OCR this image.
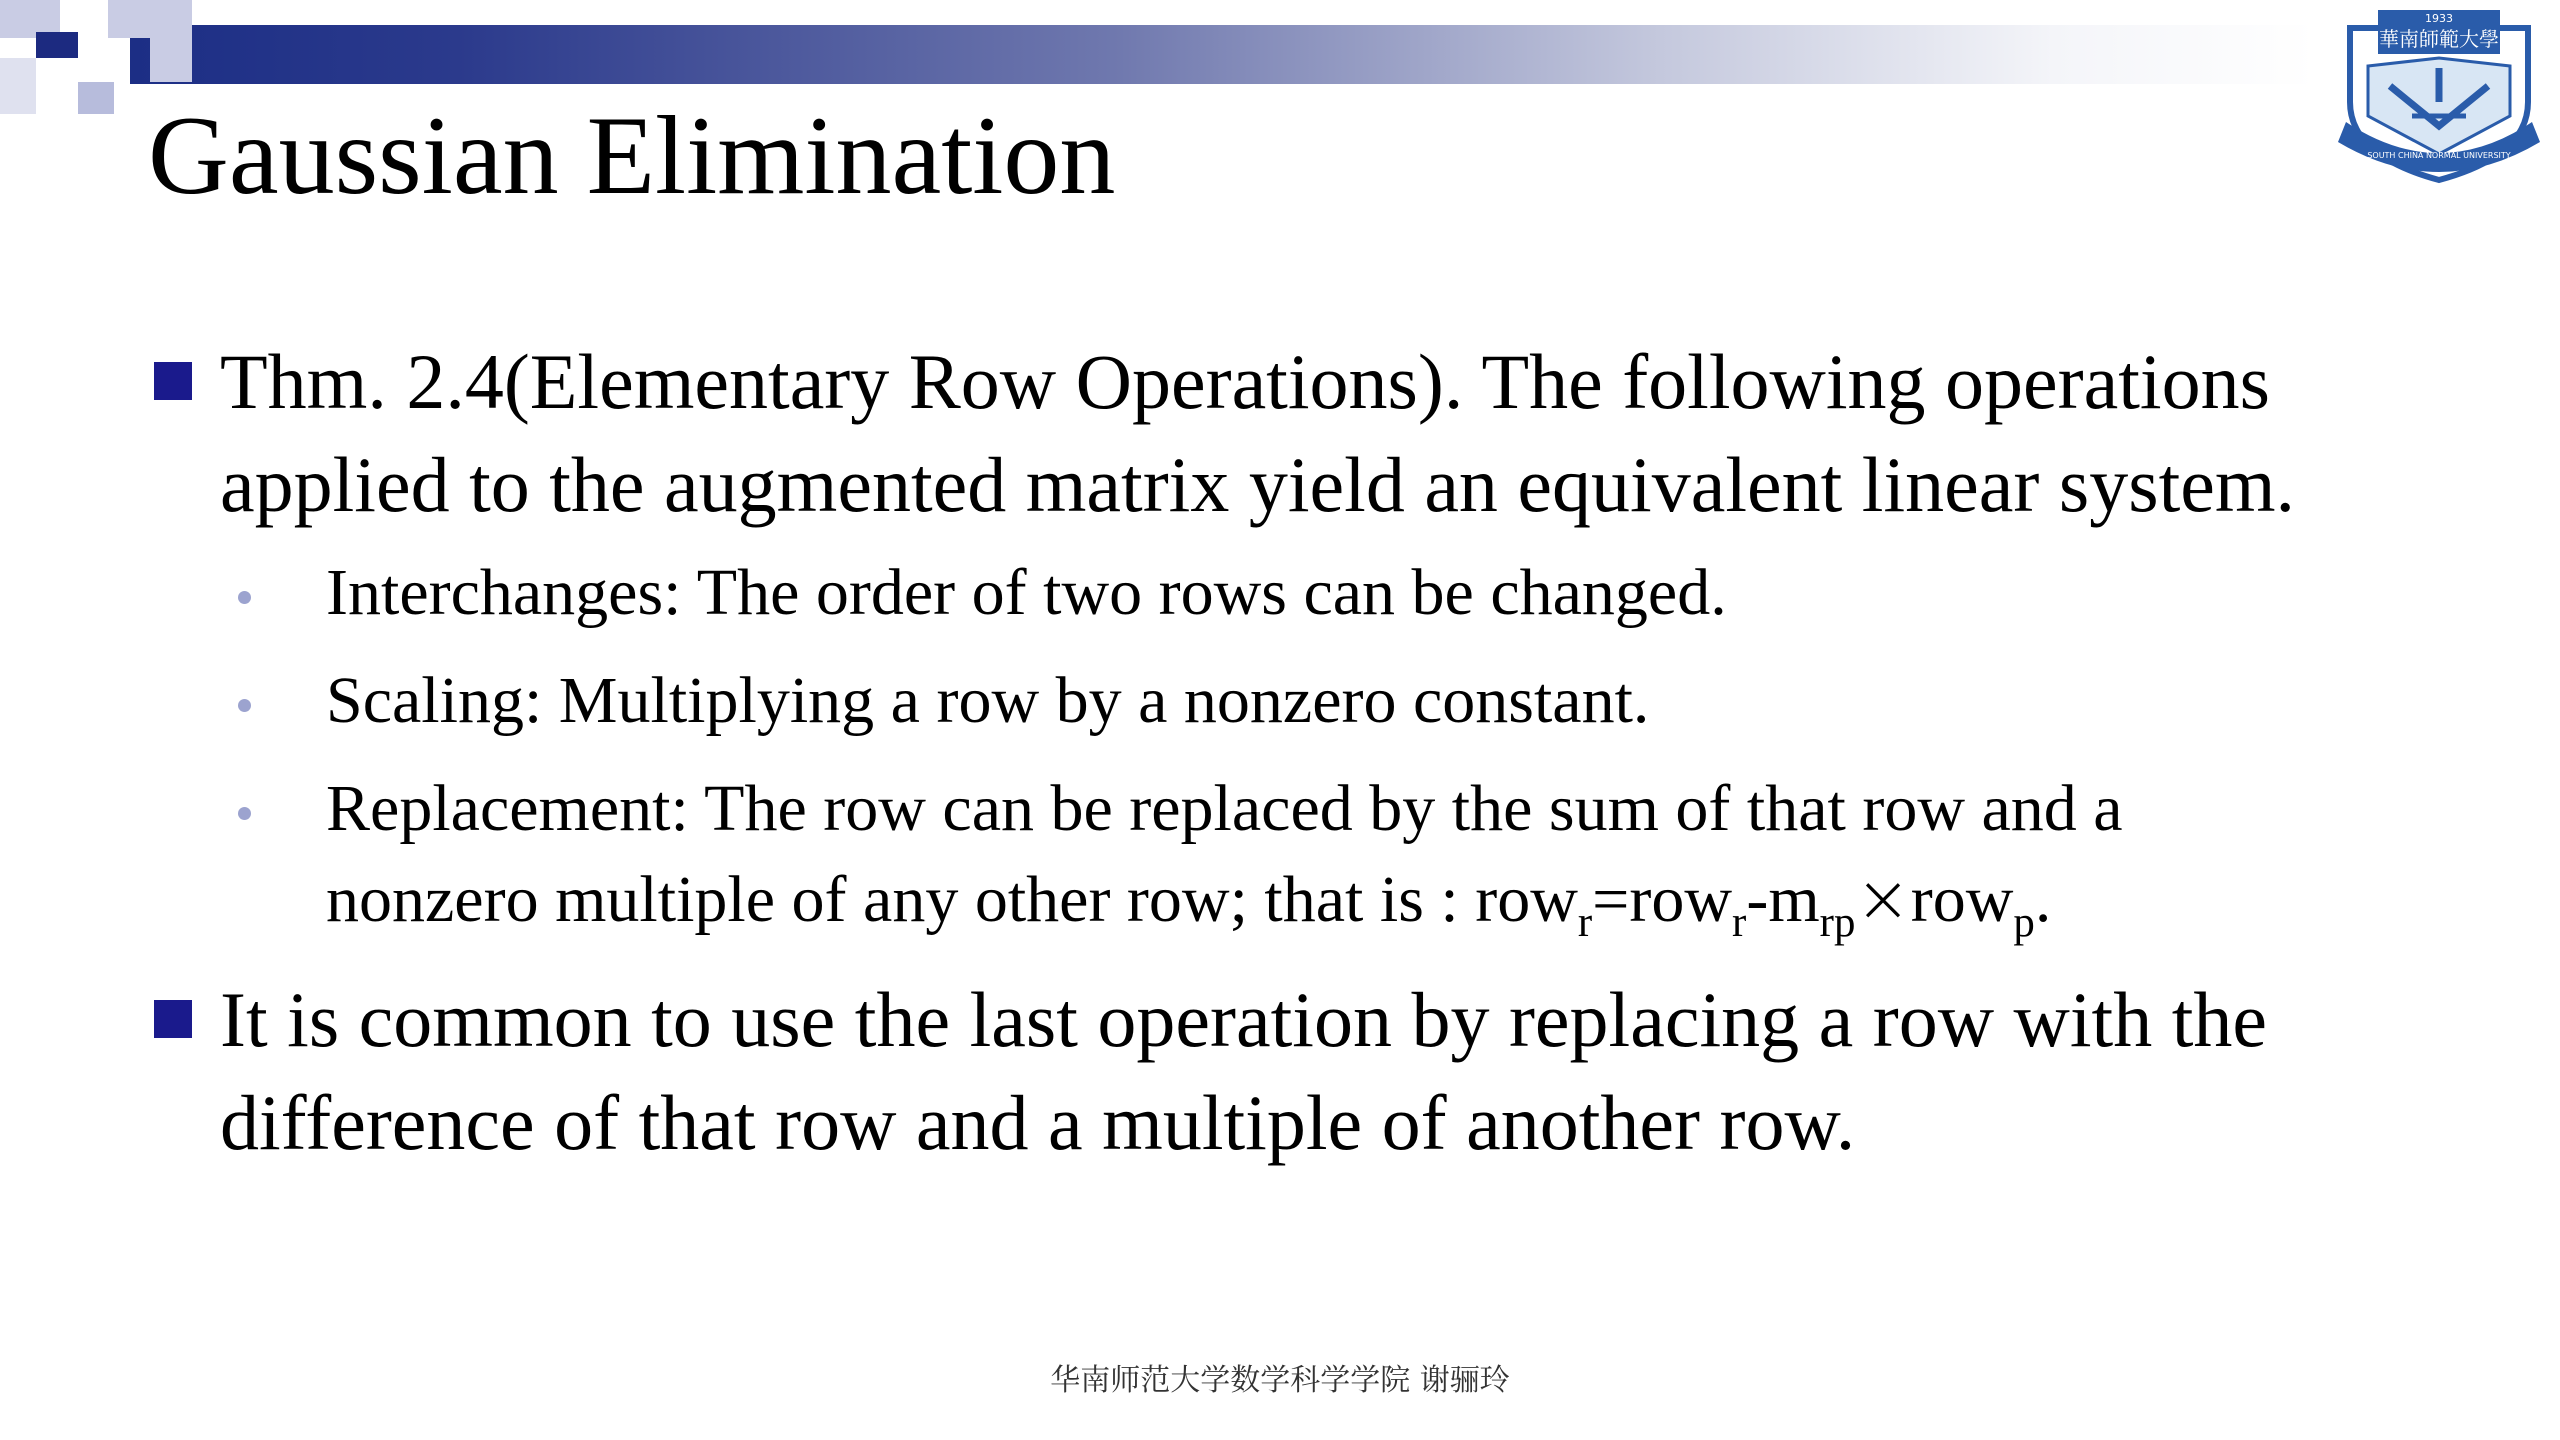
1933
華南師範大學
SOUTH CHINA NORMAL UNIVERSITY
Gaussian Elimination

Thm. 2.4(Elementary Row Operations). The following operations

applied to the augmented matrix yield an equivalent linear system.

Interchanges: The order of two rows can be changed.

Scaling: Multiplying a row by a nonzero constant.

Replacement: The row can be replaced by the sum of that row and a

nonzero multiple of any other row; that is : $row_r=row_r-m_{rp}\times row_p$.

It is common to use the last operation by replacing a row with the

difference of that row and a multiple of another row.

华南师范大学数学科学学院 谢骊玲
